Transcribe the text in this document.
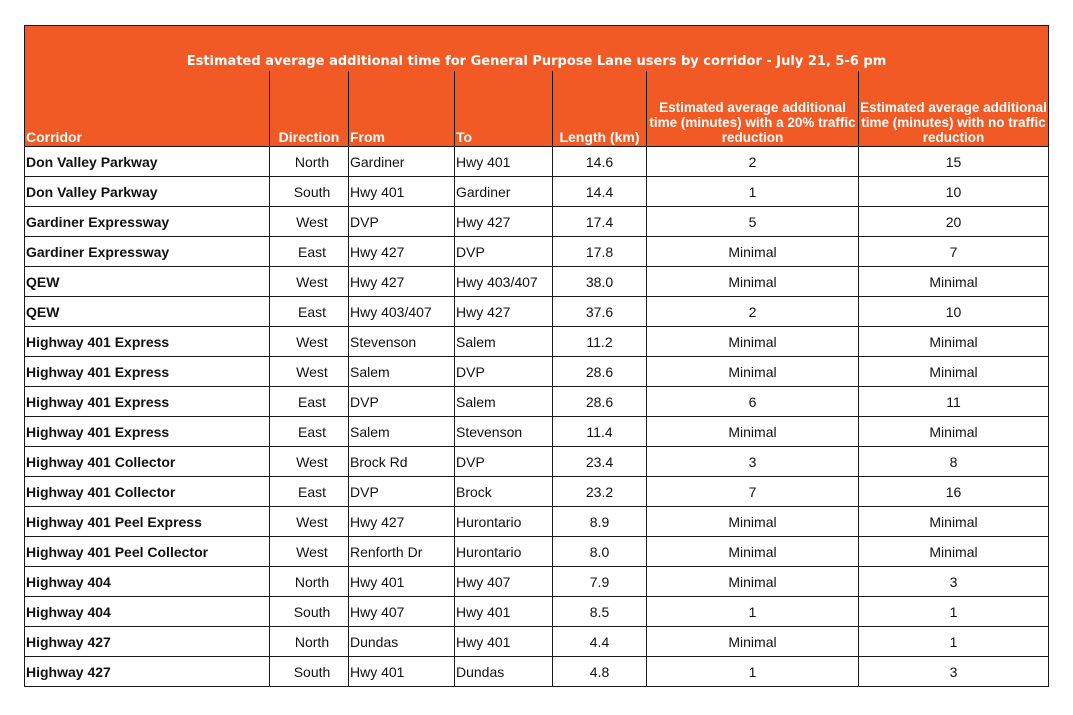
Estimated average additional time for General Purpose Lane users by corridor - July 21, 5-6 pm						
Corridor	Direction	From	To	Length (km)	Estimated average additional time (minutes) with a 20% traffic reduction	Estimated average additional time (minutes) with no traffic reduction
Don Valley Parkway	North	Gardiner	Hwy 401	14.6	2	15
Don Valley Parkway	South	Hwy 401	Gardiner	14.4	1	10
Gardiner Expressway	West	DVP	Hwy 427	17.4	5	20
Gardiner Expressway	East	Hwy 427	DVP	17.8	Minimal	7
QEW	West	Hwy 427	Hwy 403/407	38.0	Minimal	Minimal
QEW	East	Hwy 403/407	Hwy 427	37.6	2	10
Highway 401 Express	West	Stevenson	Salem	11.2	Minimal	Minimal
Highway 401 Express	West	Salem	DVP	28.6	Minimal	Minimal
Highway 401 Express	East	DVP	Salem	28.6	6	11
Highway 401 Express	East	Salem	Stevenson	11.4	Minimal	Minimal
Highway 401 Collector	West	Brock Rd	DVP	23.4	3	8
Highway 401 Collector	East	DVP	Brock	23.2	7	16
Highway 401 Peel Express	West	Hwy 427	Hurontario	8.9	Minimal	Minimal
Highway 401 Peel Collector	West	Renforth Dr	Hurontario	8.0	Minimal	Minimal
Highway 404	North	Hwy 401	Hwy 407	7.9	Minimal	3
Highway 404	South	Hwy 407	Hwy 401	8.5	1	1
Highway 427	North	Dundas	Hwy 401	4.4	Minimal	1
Highway 427	South	Hwy 401	Dundas	4.8	1	3
